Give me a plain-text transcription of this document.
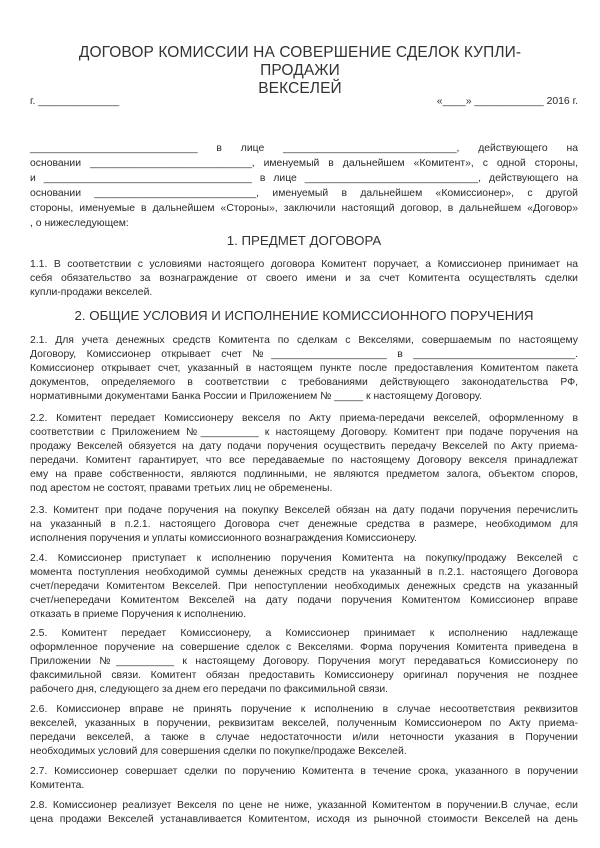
ДОГОВОР КОМИССИИ НА СОВЕРШЕНИЕ СДЕЛОК КУПЛИ-ПРОДАЖИ
ВЕКСЕЛЕЙ
г. ______________	«____» ____________ 2016 г.
_____________________________ в лице ______________________________, действующего на
основании ____________________________, именуемый в дальнейшем «Комитент», с одной стороны,
и ____________________________________ в лице ______________________________, действующего на
основании ____________________________, именуемый в дальнейшем «Комиссионер», с другой
стороны, именуемые в дальнейшем «Стороны», заключили настоящий договор, в дальнейшем «Договор»
, о нижеследующем:
1. ПРЕДМЕТ ДОГОВОРА
1.1. В соответствии с условиями настоящего договора Комитент поручает, а Комиссионер принимает на
себя обязательство за вознаграждение от своего имени и за счет Комитента осуществлять сделки
купли-продажи векселей.
2. ОБЩИЕ УСЛОВИЯ И ИСПОЛНЕНИЕ КОМИССИОННОГО ПОРУЧЕНИЯ
2.1. Для учета денежных средств Комитента по сделкам с Векселями, совершаемым по настоящему
Договору, Комиссионер открывает счет №____________________ в ____________________________.
Комиссионер открывает счет, указанный в настоящем пункте после предоставления Комитентом пакета
документов, определяемого в соответствии с требованиями действующего законодательства РФ,
нормативными документами Банка России и Приложением № _____ к настоящему Договору.
2.2. Комитент передает Комиссионеру векселя по Акту приема-передачи векселей, оформленному в
соответствии с Приложением №__________ к настоящему Договору. Комитент при подаче поручения на
продажу Векселей обязуется на дату подачи поручения осуществить передачу Векселей по Акту приема-
передачи. Комитент гарантирует, что все передаваемые по настоящему Договору векселя принадлежат
ему на праве собственности, являются подлинными, не являются предметом залога, объектом споров,
под арестом не состоят, правами третьих лиц не обременены.
2.3. Комитент при подаче поручения на покупку Векселей обязан на дату подачи поручения перечислить
на указанный в п.2.1. настоящего Договора счет денежные средства в размере, необходимом для
исполнения поручения и уплаты комиссионного вознаграждения Комиссионеру.
2.4. Комиссионер приступает к исполнению поручения Комитента на покупку/продажу Векселей с
момента поступления необходимой суммы денежных средств на указанный в п.2.1. настоящего Договора
счет/передачи Комитентом Векселей. При непоступлении необходимых денежных средств на указанный
счет/непередачи Комитентом Векселей на дату подачи поручения Комитентом Комиссионер вправе
отказать в приеме Поручения к исполнению.
2.5. Комитент передает Комиссионеру, а Комиссионер принимает к исполнению надлежаще
оформленное поручение на совершение сделок с Векселями. Форма поручения Комитента приведена в
Приложении №__________ к настоящему Договору. Поручения могут передаваться Комиссионеру по
факсимильной связи. Комитент обязан предоставить Комиссионеру оригинал поручения не позднее
рабочего дня, следующего за днем его передачи по факсимильной связи.
2.6. Комиссионер вправе не принять поручение к исполнению в случае несоответствия реквизитов
векселей, указанных в поручении, реквизитам векселей, полученным Комиссионером по Акту приема-
передачи векселей, а также в случае недостаточности и/или неточности указания в Поручении
необходимых условий для совершения сделки по покупке/продаже Векселей.
2.7. Комиссионер совершает сделки по поручению Комитента в течение срока, указанного в поручении
Комитента.
2.8. Комиссионер реализует Векселя по цене не ниже, указанной Комитентом в поручении.В случае, если
цена продажи Векселей устанавливается Комитентом, исходя из рыночной стоимости Векселей на день
